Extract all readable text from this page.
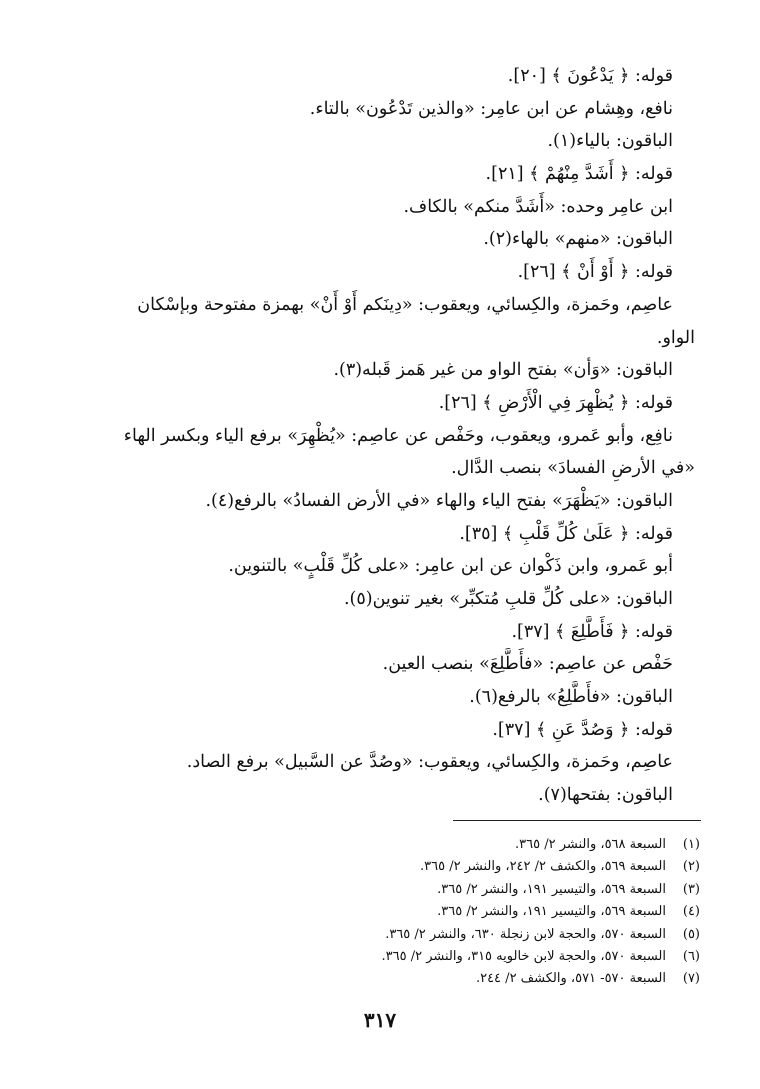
قوله: ﴿ يَدْعُونَ ﴾ [٢٠].
نافع، وهِشام عن ابن عامِر: «والذين تَدْعُون» بالتاء.
الباقون: بالياء(١).
قوله: ﴿ أَشَدَّ مِنْهُمْ ﴾ [٢١].
ابن عامِر وحده: «أَشَدَّ منكم» بالكاف.
الباقون: «منهم» بالهاء(٢).
قوله: ﴿ أَوْ أَنْ ﴾ [٢٦].
عاصِم، وحَمزة، والكِسائي، ويعقوب: «دِينَكم أَوْ أَنْ» بهمزة مفتوحة وبإسْكان
الواو.
الباقون: «وَأن» بفتح الواو من غير هَمز قَبله(٣).
قوله: ﴿ يُظْهِرَ فِي الْأَرْضِ ﴾ [٢٦].
نافِع، وأبو عَمرو، ويعقوب، وحَفْص عن عاصِم: «يُظْهِرَ» برفع الياء وبكسر الهاء
«في الأرضِ الفسادَ» بنصب الدَّال.
الباقون: «يَظْهَرَ» بفتح الياء والهاء «في الأرض الفسادُ» بالرفع(٤).
قوله: ﴿ عَلَىٰ كُلِّ قَلْبِ ﴾ [٣٥].
أبو عَمرو، وابن ذَكْوان عن ابن عامِر: «على كُلِّ قَلْبٍ» بالتنوين.
الباقون: «على كُلِّ قلبِ مُتكبِّر» بغير تنوين(٥).
قوله: ﴿ فَأَطَّلِعَ ﴾ [٣٧].
حَفْص عن عاصِم: «فأَطَّلِعَ» بنصب العين.
الباقون: «فأَطَّلِعُ» بالرفع(٦).
قوله: ﴿ وَصُدَّ عَنِ ﴾ [٣٧].
عاصِم، وحَمزة، والكِسائي، ويعقوب: «وصُدَّ عن السَّبيل» برفع الصاد.
الباقون: بفتحها(٧).
(١)السبعة ٥٦٨، والنشر ٢/ ٣٦٥.
(٢)السبعة ٥٦٩، والكشف ٢/ ٢٤٢، والنشر ٢/ ٣٦٥.
(٣)السبعة ٥٦٩، والتيسير ١٩١، والنشر ٢/ ٣٦٥.
(٤)السبعة ٥٦٩، والتيسير ١٩١، والنشر ٢/ ٣٦٥.
(٥)السبعة ٥٧٠، والحجة لابن زنجلة ٦٣٠، والنشر ٢/ ٣٦٥.
(٦)السبعة ٥٧٠، والحجة لابن خالويه ٣١٥، والنشر ٢/ ٣٦٥.
(٧)السبعة ٥٧٠- ٥٧١، والكشف ٢/ ٢٤٤.
٣١٧
